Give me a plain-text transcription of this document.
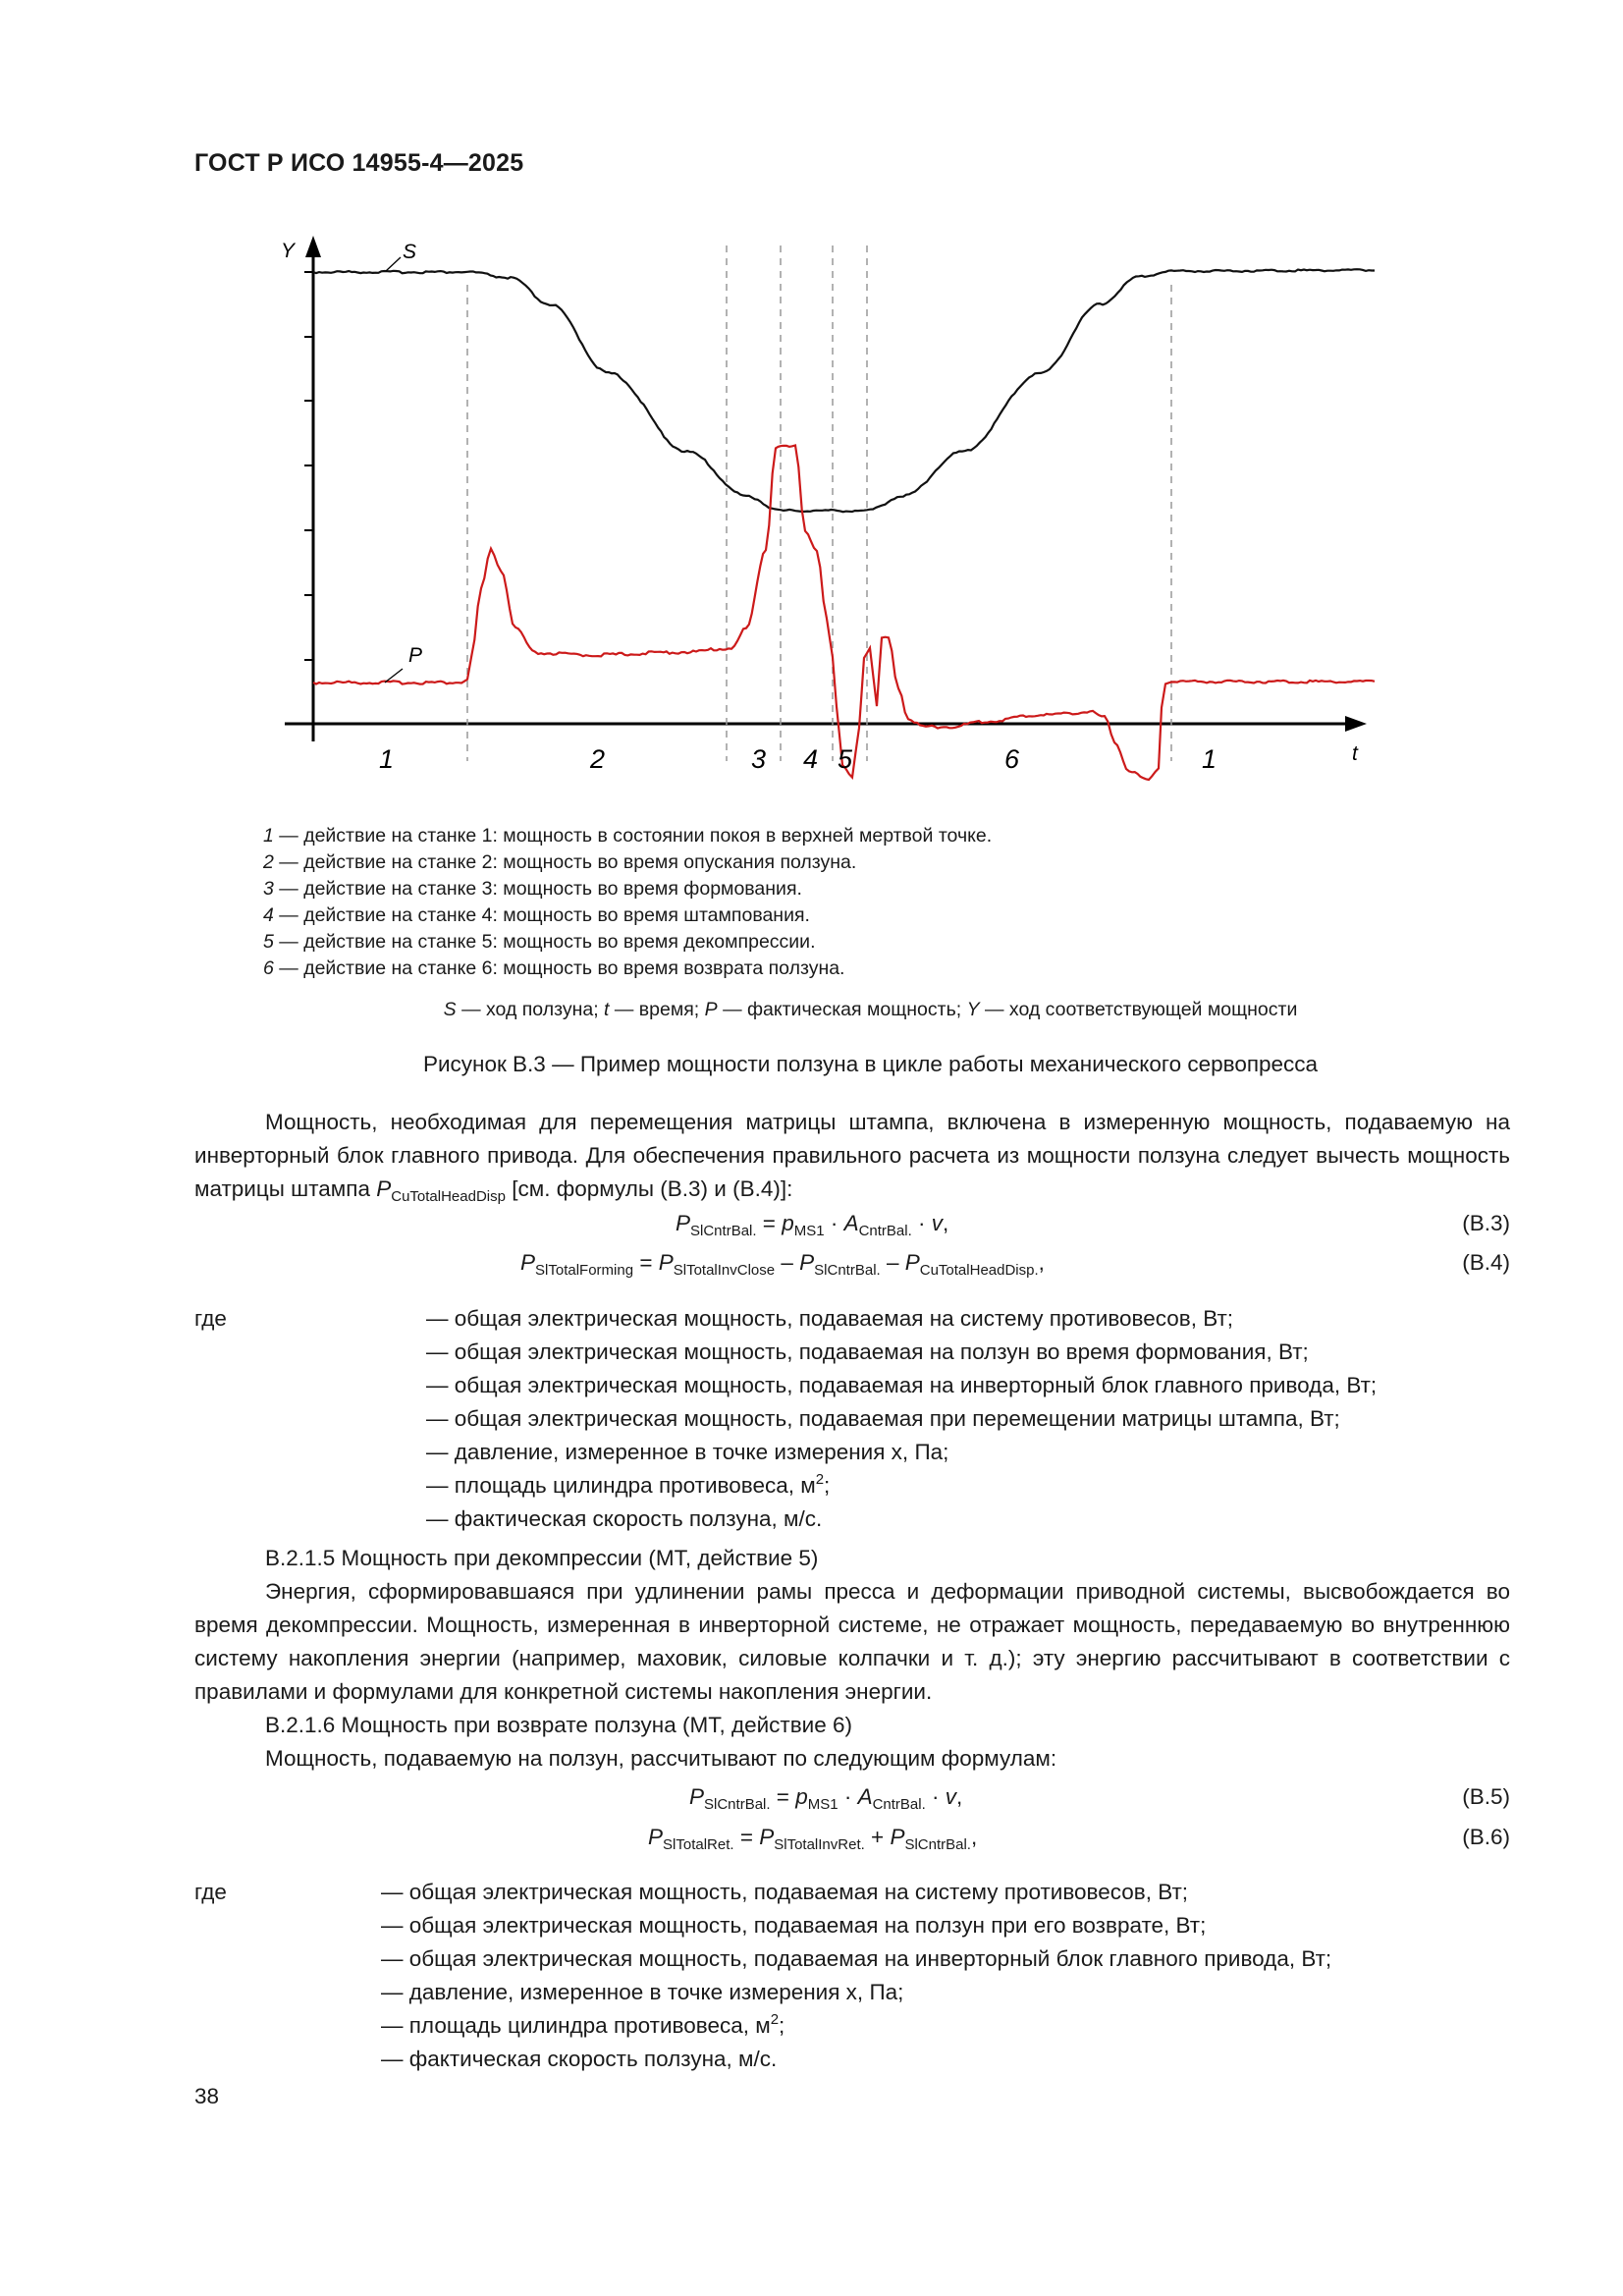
ГОСТ Р ИСО 14955-4—2025
Y
t
S
P
1	2	3 4 5	6	1
1 — действие на станке 1: мощность в состоянии покоя в верхней мертвой точке.
2 — действие на станке 2: мощность во время опускания ползуна.
3 — действие на станке 3: мощность во время формования.
4 — действие на станке 4: мощность во время штампования.
5 — действие на станке 5: мощность во время декомпрессии.
6 — действие на станке 6: мощность во время возврата ползуна.
S — ход ползуна; t — время; P — фактическая мощность; Y — ход соответствующей мощности
Рисунок В.3 — Пример мощности ползуна в цикле работы механического сервопресса
Мощность, необходимая для перемещения матрицы штампа, включена в измеренную мощность, подаваемую на инверторный блок главного привода. Для обеспечения правильного расчета из мощности ползуна следует вычесть мощность матрицы штампа $P_{CuTotalHeadDisp}$ [см. формулы (В.3) и (В.4)]:
$P_{SlCntrBal.} = p_{MS1} \cdot A_{CntrBal.} \cdot v$,	(В.3)
$P_{SlTotalForming} = P_{SlTotalInvClose} - P_{SlCntrBal.} - P_{CuTotalHeadDisp.}$,	(В.4)
где	— общая электрическая мощность, подаваемая на систему противовесов, Вт;
— общая электрическая мощность, подаваемая на ползун во время формования, Вт;
— общая электрическая мощность, подаваемая на инверторный блок главного привода, Вт;
— общая электрическая мощность, подаваемая при перемещении матрицы штампа, Вт;
— давление, измеренное в точке измерения x, Па;
— площадь цилиндра противовеса, $м^2$;
— фактическая скорость ползуна, м/с.
В.2.1.5 Мощность при декомпрессии (МТ, действие 5)
Энергия, сформировавшаяся при удлинении рамы пресса и деформации приводной системы, высвобождается во время декомпрессии. Мощность, измеренная в инверторной системе, не отражает мощность, передаваемую во внутреннюю систему накопления энергии (например, маховик, силовые колпачки и т. д.); эту энергию рассчитывают в соответствии с правилами и формулами для конкретной системы накопления энергии.
В.2.1.6 Мощность при возврате ползуна (МТ, действие 6)
Мощность, подаваемую на ползун, рассчитывают по следующим формулам:
$P_{SlCntrBal.} = p_{MS1} \cdot A_{CntrBal.} \cdot v$,	(В.5)
$P_{SlTotalRet.} = P_{SlTotalInvRet.} + P_{SlCntrBal.}$,	(В.6)
где	— общая электрическая мощность, подаваемая на систему противовесов, Вт;
— общая электрическая мощность, подаваемая на ползун при его возврате, Вт;
— общая электрическая мощность, подаваемая на инверторный блок главного привода, Вт;
— давление, измеренное в точке измерения x, Па;
— площадь цилиндра противовеса, $м^2$;
— фактическая скорость ползуна, м/с.
38
